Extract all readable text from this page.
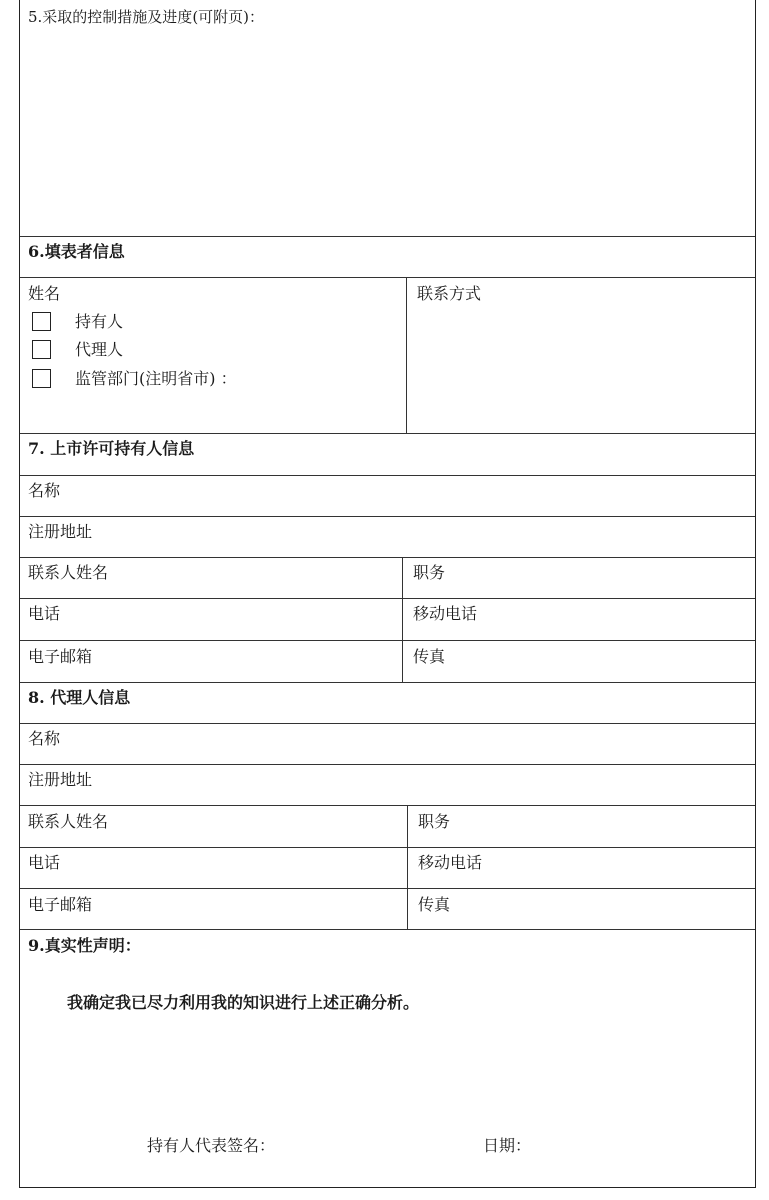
5.采取的控制措施及进度(可附页)：
6.填表者信息
姓名
持有人
代理人
监管部门(注明省市) ：
联系方式
7. 上市许可持有人信息
名称
注册地址
联系人姓名	职务
电话	移动电话
电子邮箱	传真
8. 代理人信息
名称
注册地址
联系人姓名	职务
电话	移动电话
电子邮箱	传真
9.真实性声明：
我确定我已尽力利用我的知识进行上述正确分析。
持有人代表签名：	日期：
